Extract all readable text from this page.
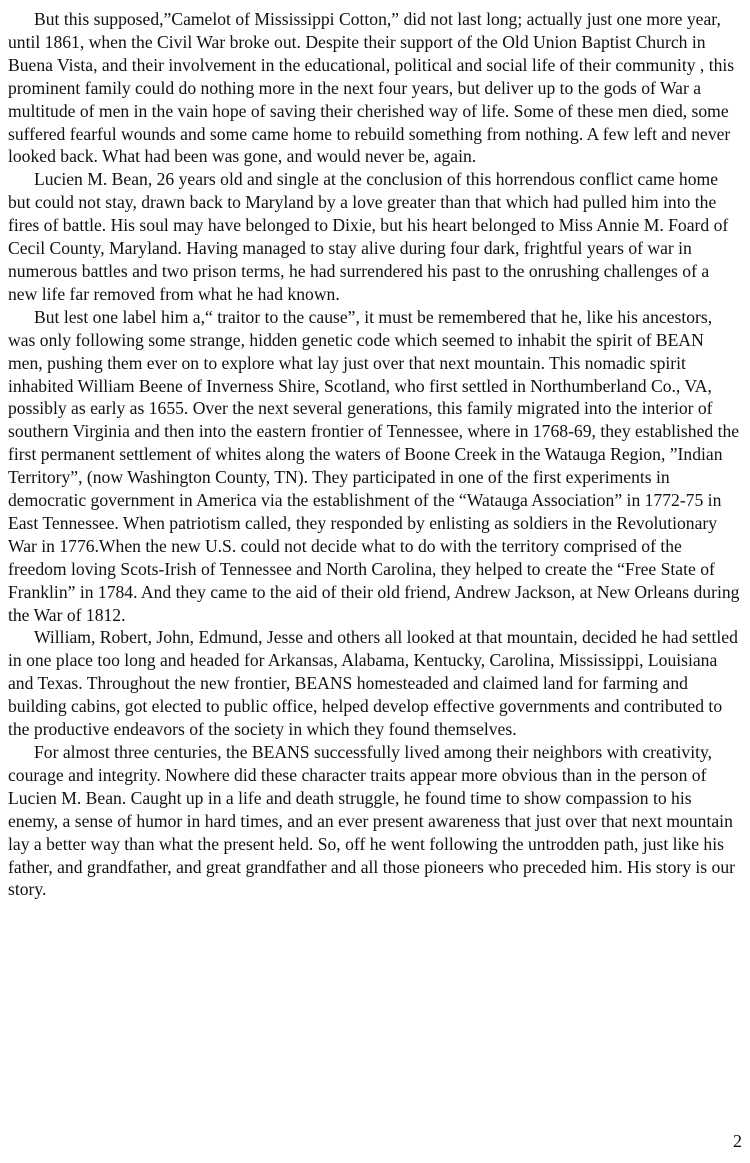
But this supposed,”Camelot of Mississippi Cotton,” did not last long; actually just one more year, until 1861, when the Civil War broke out. Despite their support of the Old Union Baptist Church in Buena Vista, and their involvement in the educational, political and social life of their community , this prominent family could do nothing more in the next four years, but deliver up to the gods of War a multitude of men in the vain hope of saving their cherished way of life. Some of these men died, some suffered fearful wounds and some came home to rebuild something from nothing. A few left and never looked back. What had been was gone, and would never be, again.

Lucien M. Bean, 26 years old and single at the conclusion of this horrendous conflict came home but could not stay, drawn back to Maryland by a love greater than that which had pulled him into the fires of battle. His soul may have belonged to Dixie, but his heart belonged to Miss Annie M. Foard of Cecil County, Maryland. Having managed to stay alive during four dark, frightful years of war in numerous battles and two prison terms, he had surrendered his past to the onrushing challenges of a new life far removed from what he had known.

But lest one label him a,“ traitor to the cause”, it must be remembered that he, like his ancestors, was only following some strange, hidden genetic code which seemed to inhabit the spirit of BEAN men, pushing them ever on to explore what lay just over that next mountain. This nomadic spirit inhabited William Beene of Inverness Shire, Scotland, who first settled in Northumberland Co., VA, possibly as early as 1655. Over the next several generations, this family migrated into the interior of southern Virginia and then into the eastern frontier of Tennessee, where in 1768-69, they established the first permanent settlement of whites along the waters of Boone Creek in the Watauga Region, ”Indian Territory”, (now Washington County, TN). They participated in one of the first experiments in democratic government in America via the establishment of the “Watauga Association” in 1772-75 in East Tennessee. When patriotism called, they responded by enlisting as soldiers in the Revolutionary War in 1776.When the new U.S. could not decide what to do with the territory comprised of the freedom loving Scots-Irish of Tennessee and North Carolina, they helped to create the “Free State of Franklin” in 1784. And they came to the aid of their old friend, Andrew Jackson, at New Orleans during the War of 1812.

William, Robert, John, Edmund, Jesse and others all looked at that mountain, decided he had settled in one place too long and headed for Arkansas, Alabama, Kentucky, Carolina, Mississippi, Louisiana and Texas. Throughout the new frontier, BEANS homesteaded and claimed land for farming and building cabins, got elected to public office, helped develop effective governments and contributed to the productive endeavors of the society in which they found themselves.

For almost three centuries, the BEANS successfully lived among their neighbors with creativity, courage and integrity. Nowhere did these character traits appear more obvious than in the person of Lucien M. Bean. Caught up in a life and death struggle, he found time to show compassion to his enemy, a sense of humor in hard times, and an ever present awareness that just over that next mountain lay a better way than what the present held. So, off he went following the untrodden path, just like his father, and grandfather, and great grandfather and all those pioneers who preceded him. His story is our story.

2
